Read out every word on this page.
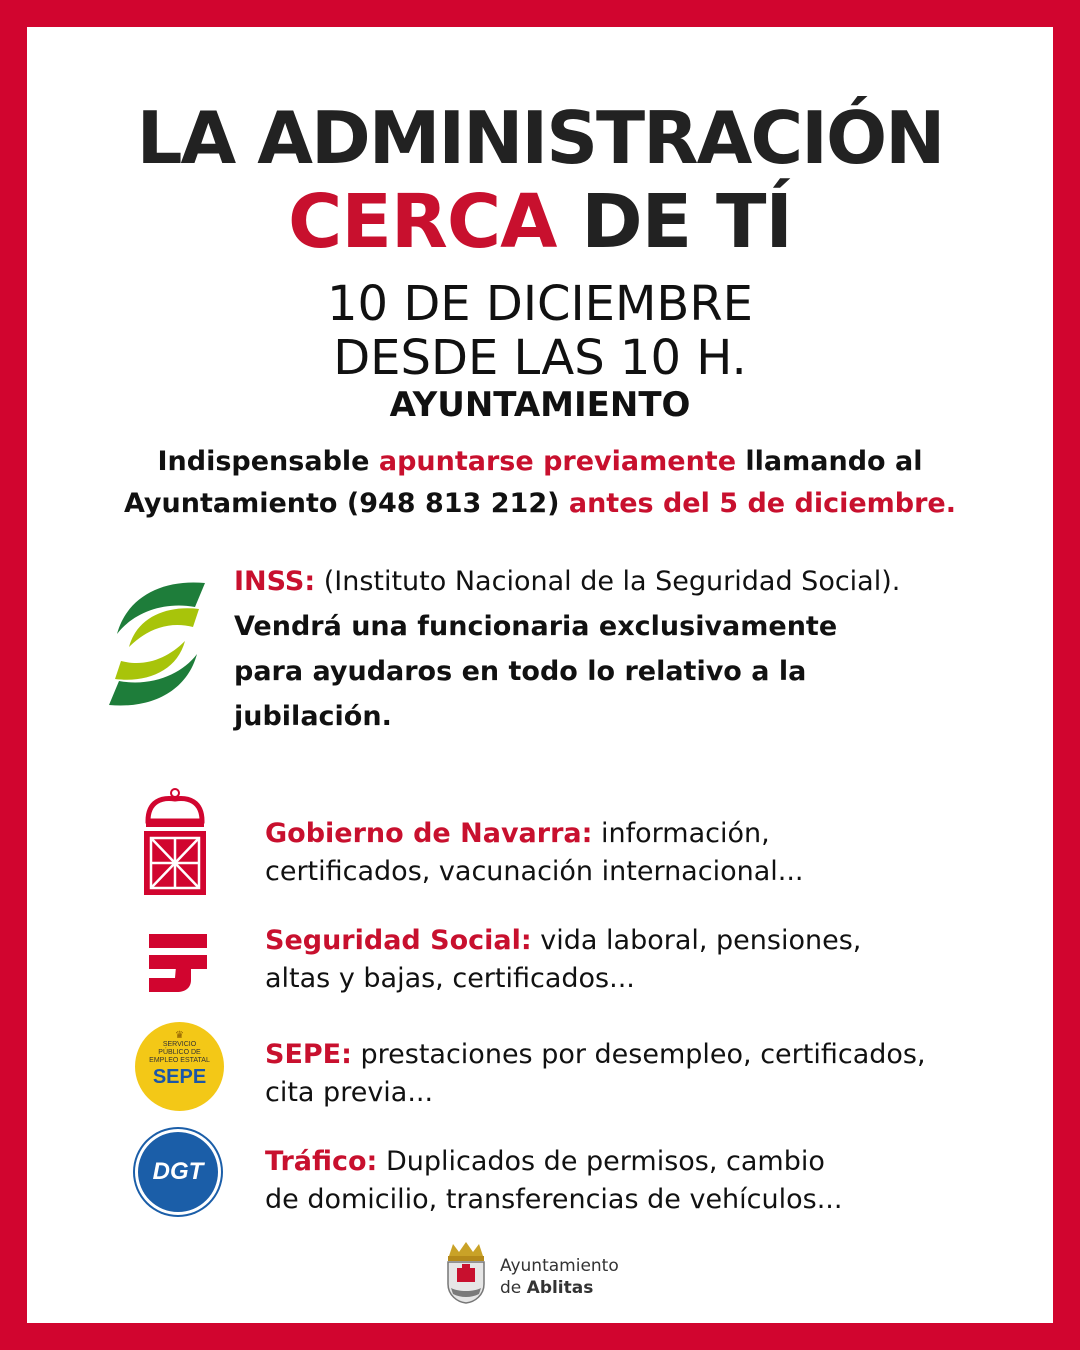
LA ADMINISTRACIÓN
CERCA DE TÍ
10 DE DICIEMBRE
DESDE LAS 10 H.
AYUNTAMIENTO
Indispensable apuntarse previamente llamando al
Ayuntamiento (948 813 212) antes del 5 de diciembre.
INSS: (Instituto Nacional de la Seguridad Social).
Vendrá una funcionaria exclusivamente
para ayudaros en todo lo relativo a la
jubilación.
Gobierno de Navarra: información,
certificados, vacunación internacional...
Seguridad Social: vida laboral, pensiones,
altas y bajas, certificados...
♛
SERVICIO PÚBLICO DE EMPLEO ESTATAL
SEPE
SEPE: prestaciones por desempleo, certificados,
cita previa...
DGT	Tráfico: Duplicados de permisos, cambio
de domicilio, transferencias de vehículos...
Ayuntamiento
de Ablitas
